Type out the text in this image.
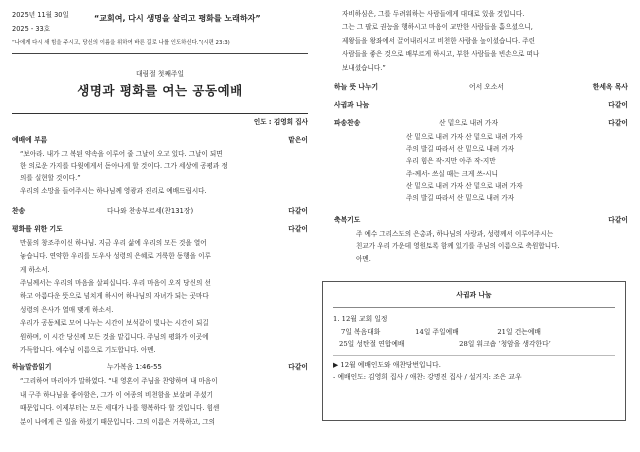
2025년 11월 30일
2025 - 33호
“교회여, 다시 생명을 살리고 평화를 노래하자”
“나에게 다시 새 힘을 주시고, 당신의 이름을 위하여 바른 길로 나를 인도하신다.”(시편 23:3)
대림절 첫째주일
생명과 평화를 여는 공동예배
인도 : 김영희 집사
예배에 부름	맡은이
“보아라. 내가 그 복된 약속을 이루어 줄 그날이 오고 있다. 그날이 되면
한 의로운 가지를 다윗에게서 돋아나게 할 것이다. 그가 세상에 공평과 정
의를 실현할 것이다.”
우리의 소망을 들어주시는 하나님께 영광과 진리로 예배드립시다.
찬송	다나와 찬송부르세(찬131장)	다같이
평화를 위한 기도	다같이
만물의 창조주이신 하나님. 지금 우리 삶에 우리의 모든 것을 열어
놓습니다. 연약한 우리를 도우사 성령의 은혜로 거룩한 동행을 이루
게 하소서.
주님께서는 우리의 마음을 살피십니다. 우리 마음이 오직 당신의 선
하고 아름다운 뜻으로 넘치게 하시어 하나님의 자녀가 되는 곳마다
성령의 은사가 열매 맺게 하소서.
우리가 공동체로 모여 나누는 시간이 보석같이 빛나는 시간이 되길
원하며, 이 시간 당신께 모든 것을 맡깁니다. 주님의 평화가 이곳에
가득합니다. 예수님 이름으로 기도합니다. 아멘.
하늘말씀읽기	누가복음 1:46-55	다같이
“그리하여 마리아가 말하였다. “내 영혼이 주님을 찬양하며 내 마음이
내 구주 하나님을 좋아함은, 그가 이 여종의 비천함을 보살펴 주셨기
때문입니다. 이제부터는 모든 세대가 나를 행복하다 할 것입니다. 힘센
분이 나에게 큰 일을 하셨기 때문입니다. 그의 이름은 거룩하고, 그의
자비하심은, 그를 두려워하는 사람들에게 대대로 있을 것입니다.
그는 그 팔로 권능을 행하시고 마음이 교만한 사람들을 흩으셨으니,
제왕들을 왕좌에서 끌어내리시고 비천한 사람을 높이셨습니다. 주린
사람들을 좋은 것으로 배부르게 하시고, 부한 사람들을 빈손으로 떠나
보내셨습니다.”
하늘 뜻 나누기	어서 오소서	한세옥 목사
사귐과 나눔	다같이
파송찬송	산 밑으로 내려 가자	다같이
산 밑으로 내려 가자 산 밑으로 내려 가자
주의 발길 따라서 산 밑으로 내려 가자
우리 힘은 작-지만 아주 작-지만
주-께서- 쓰실 때는 크게 쓰-시니
산 밑으로 내려 가자 산 밑으로 내려 가자
주의 발길 따라서 산 밑으로 내려 가자
축복기도	다같이
주 예수 그리스도의 은총과, 하나님의 사랑과, 성령께서 이루어주시는
친교가 우리 가운데 영원토록 함께 있기를 주님의 이름으로 축원합니다.
아멘.
사귐과 나눔
1. 12월 교회 일정
7일 복음대화	14일 주일예배	21일 건는예배
25일 성탄절 연합예배	28일 워크숍 ‘청암을 생각한다’
▶ 12월 예배인도와 애찬당번입니다.
- 예배인도: 김영희 집사 / 애찬: 강명진 집사 / 설거지: 조은 교우
